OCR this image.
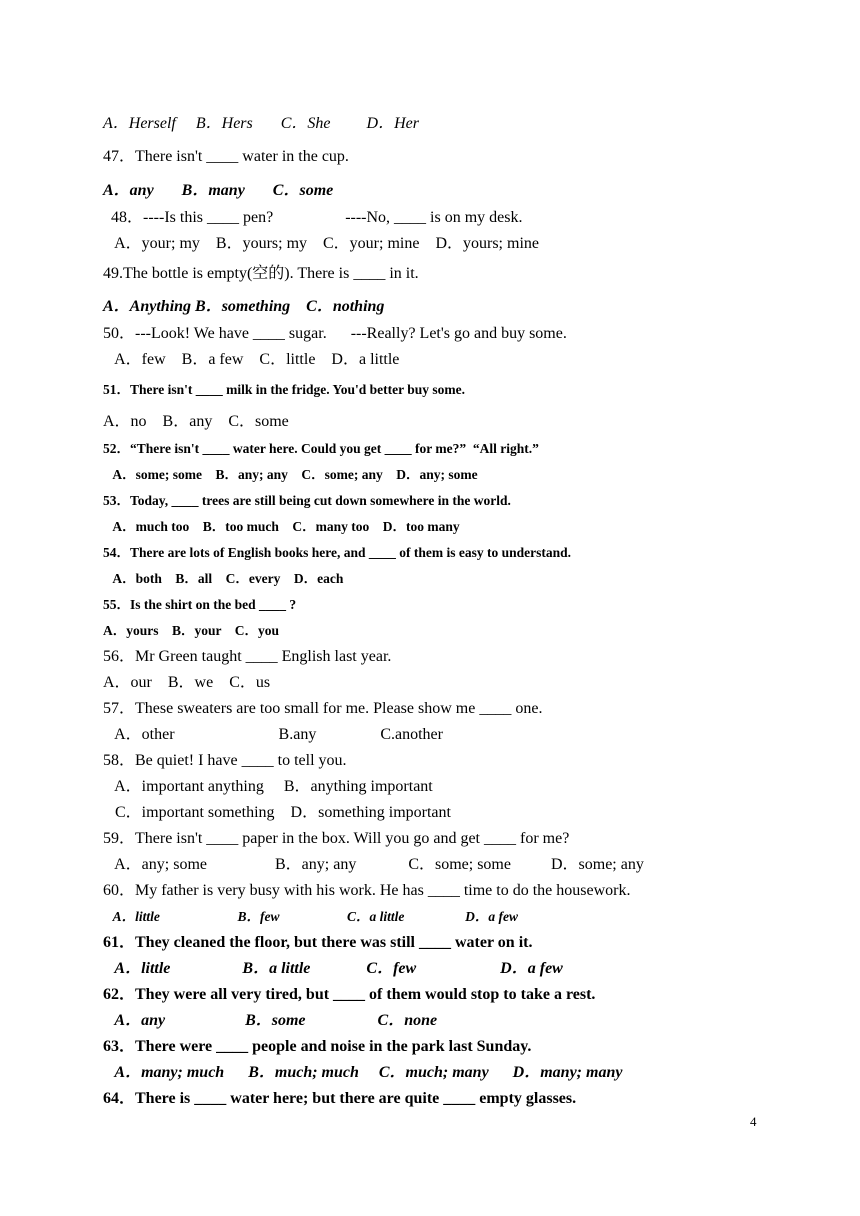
A．Herself     B．Hers       C．She         D．Her
47．There isn't ____ water in the cup.
A．any       B．many       C．some
48．----Is this ____ pen?                  ----No, ____ is on my desk.
A．your; my    B．yours; my    C．your; mine    D．yours; mine
49.The bottle is empty(空的). There is ____ in it.
A．Anything B．something    C．nothing
50．---Look! We have ____ sugar.      ---Really? Let's go and buy some.
A．few    B．a few    C．little    D．a little
51．There isn't ____ milk in the fridge. You'd better buy some.
A．no    B．any    C．some
52．“There isn't ____ water here. Could you get ____ for me?”  “All right.”
A．some; some    B．any; any    C．some; any    D．any; some
53．Today, ____ trees are still being cut down somewhere in the world.
A．much too    B．too much    C．many too    D．too many
54．There are lots of English books here, and ____ of them is easy to understand.
A．both    B．all    C．every    D．each
55．Is the shirt on the bed ____ ?
A．yours    B．your    C．you
56．Mr Green taught ____ English last year.
A．our    B．we    C．us
57．These sweaters are too small for me. Please show me ____ one.
A．other                          B.any                C.another
58．Be quiet! I have ____ to tell you.
A．important anything     B．anything important
C．important something    D．something important
59．There isn't ____ paper in the box. Will you go and get ____ for me?
A．any; some                 B．any; any             C．some; some          D．some; any
60．My father is very busy with his work. He has ____ time to do the housework.
A．little                       B．few                    C．a little                  D．a few
61．They cleaned the floor, but there was still ____ water on it.
A．little                  B．a little              C．few                     D．a few
62．They were all very tired, but ____ of them would stop to take a rest.
A．any                    B．some                  C．none
63．There were ____ people and noise in the park last Sunday.
A．many; much      B．much; much     C．much; many      D．many; many
64．There is ____ water here; but there are quite ____ empty glasses.
4
